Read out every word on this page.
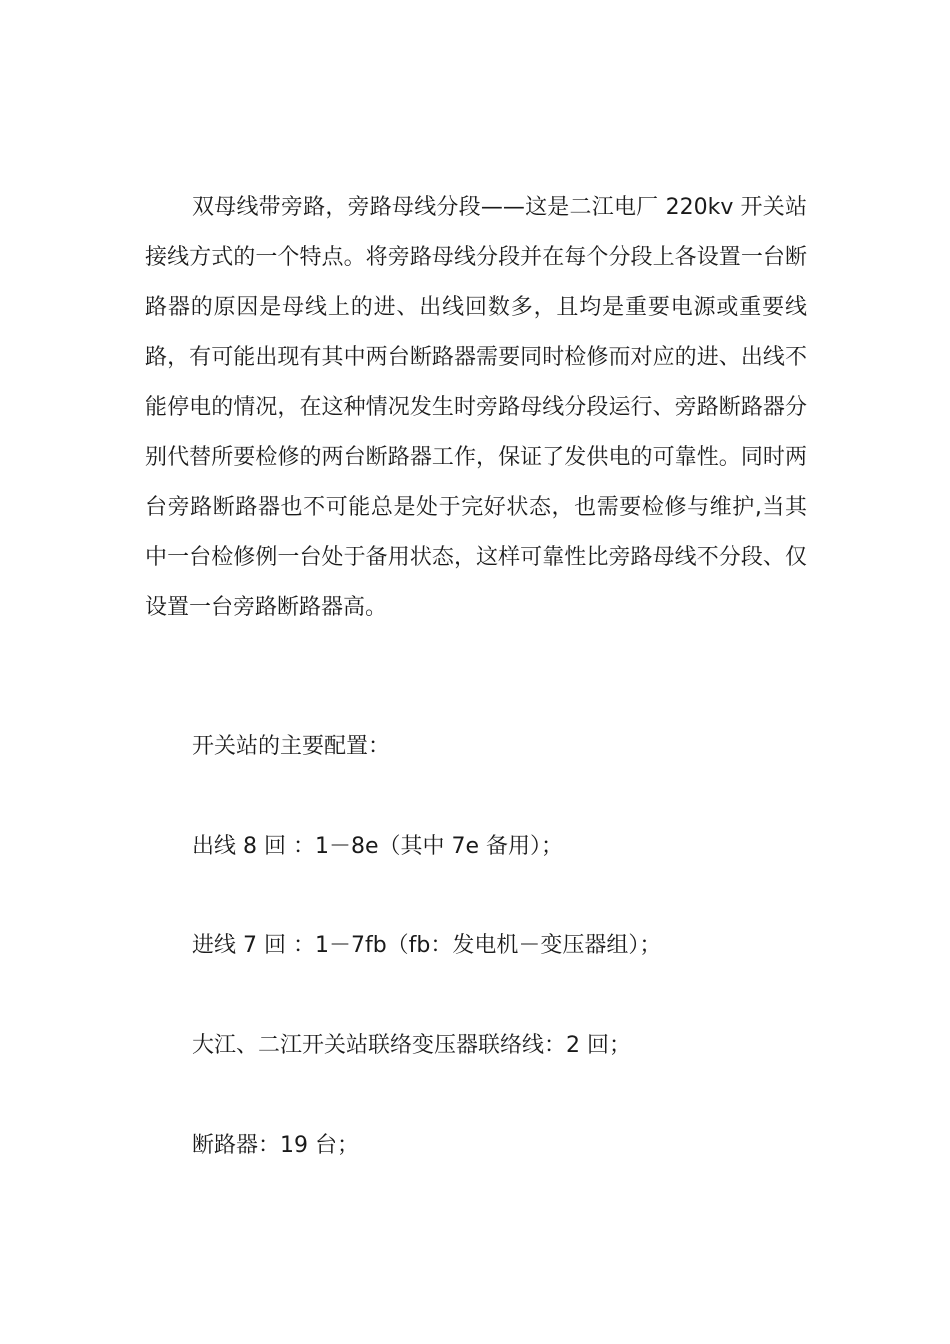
双母线带旁路，旁路母线分段——这是二江电厂 220kv 开关站接线方式的一个特点。将旁路母线分段并在每个分段上各设置一台断路器的原因是母线上的进、出线回数多，且均是重要电源或重要线路，有可能出现有其中两台断路器需要同时检修而对应的进、出线不能停电的情况，在这种情况发生时旁路母线分段运行、旁路断路器分别代替所要检修的两台断路器工作，保证了发供电的可靠性。同时两台旁路断路器也不可能总是处于完好状态，也需要检修与维护,当其中一台检修例一台处于备用状态，这样可靠性比旁路母线不分段、仅设置一台旁路断路器高。

开关站的主要配置：

出线 8 回 ：1－8e（其中 7e 备用）；

进线 7 回 ：1－7fb（fb：发电机－变压器组）；

大江、二江开关站联络变压器联络线：2 回；

断路器：19 台；
